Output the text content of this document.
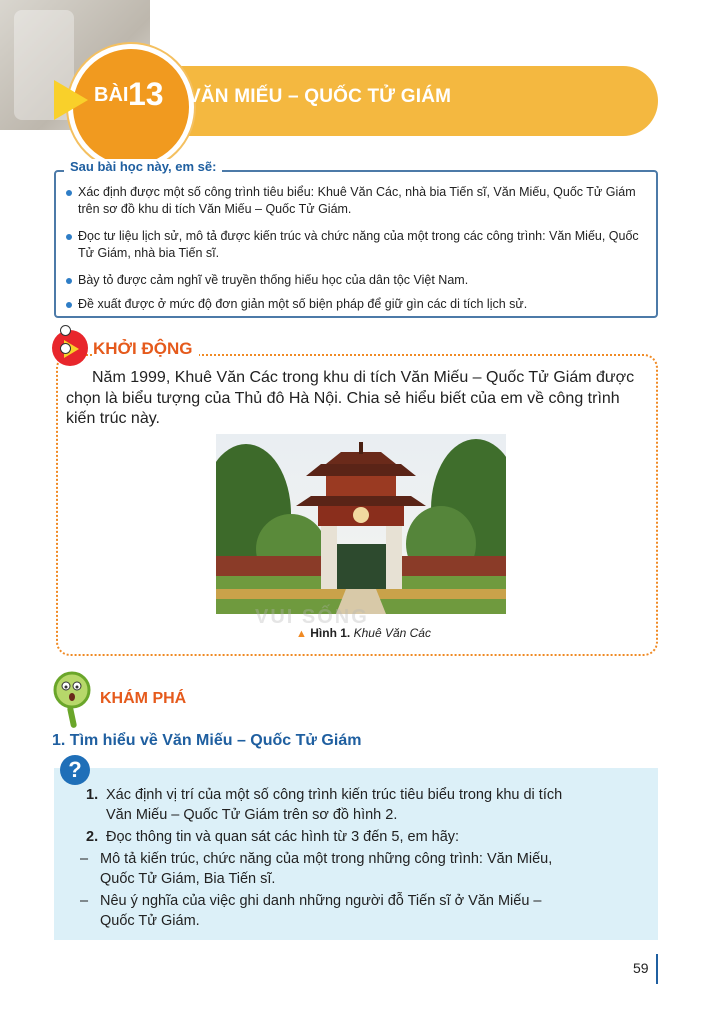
BÀI 13 VĂN MIẾU – QUỐC TỬ GIÁM
Sau bài học này, em sẽ:
Xác định được một số công trình tiêu biểu: Khuê Văn Các, nhà bia Tiến sĩ, Văn Miếu, Quốc Tử Giám trên sơ đồ khu di tích Văn Miếu – Quốc Tử Giám.
Đọc tư liệu lịch sử, mô tả được kiến trúc và chức năng của một trong các công trình: Văn Miếu, Quốc Tử Giám, nhà bia Tiến sĩ.
Bày tỏ được cảm nghĩ về truyền thống hiếu học của dân tộc Việt Nam.
Đề xuất được ở mức độ đơn giản một số biện pháp để giữ gìn các di tích lịch sử.
KHỞI ĐỘNG
Năm 1999, Khuê Văn Các trong khu di tích Văn Miếu – Quốc Tử Giám được chọn là biểu tượng của Thủ đô Hà Nội. Chia sẻ hiểu biết của em về công trình kiến trúc này.
VUI SỐNG
▲ Hình 1. Khuê Văn Các
KHÁM PHÁ
1. Tìm hiểu về Văn Miếu – Quốc Tử Giám
?
1. Xác định vị trí của một số công trình kiến trúc tiêu biểu trong khu di tích
Văn Miếu – Quốc Tử Giám trên sơ đồ hình 2.
2. Đọc thông tin và quan sát các hình từ 3 đến 5, em hãy:
– Mô tả kiến trúc, chức năng của một trong những công trình: Văn Miếu,
Quốc Tử Giám, Bia Tiến sĩ.
– Nêu ý nghĩa của việc ghi danh những người đỗ Tiến sĩ ở Văn Miếu –
Quốc Tử Giám.
59
